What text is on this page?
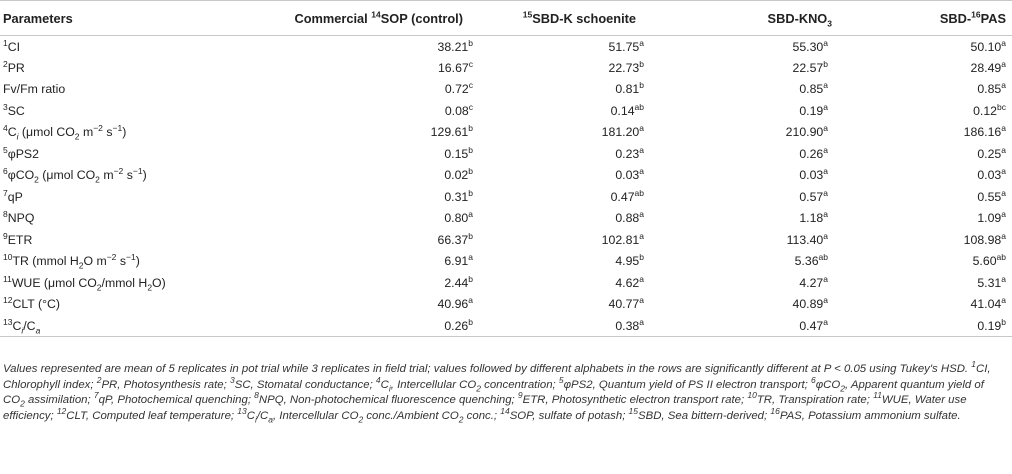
Parameters	Commercial $^{14}$SOP (control)	$^{15}$SBD-K schoenite	SBD-$KNO_3$	SBD-$^{16}$PAS
$^1$CI	38.21$^b$	51.75$^a$	55.30$^a$	50.10$^a$
$^2$PR	16.67$^c$	22.73$^b$	22.57$^b$	28.49$^a$
Fv/Fm ratio	0.72$^c$	0.81$^b$	0.85$^a$	0.85$^a$
$^3$SC	0.08$^c$	0.14$^{ab}$	0.19$^a$	0.12$^{bc}$
$^4C_i$ (μmol $CO_2$ $m^{-2}$ $s^{-1}$)	129.61$^b$	181.20$^a$	210.90$^a$	186.16$^a$
$^5$φPS2	0.15$^b$	0.23$^a$	0.26$^a$	0.25$^a$
$^6$φCO$_2$ (μmol $CO_2$ $m^{-2}$ $s^{-1}$)	0.02$^b$	0.03$^a$	0.03$^a$	0.03$^a$
$^7$qP	0.31$^b$	0.47$^{ab}$	0.57$^a$	0.55$^a$
$^8$NPQ	0.80$^a$	0.88$^a$	1.18$^a$	1.09$^a$
$^9$ETR	66.37$^b$	102.81$^a$	113.40$^a$	108.98$^a$
$^{10}$TR (mmol $H_2O$ $m^{-2}$ $s^{-1}$)	6.91$^a$	4.95$^b$	5.36$^{ab}$	5.60$^{ab}$
$^{11}$WUE (μmol $CO_2$/mmol $H_2O$)	2.44$^b$	4.62$^a$	4.27$^a$	5.31$^a$
$^{12}$CLT (°C)	40.96$^a$	40.77$^a$	40.89$^a$	41.04$^a$
$^{13}C_i/C_a$	0.26$^b$	0.38$^a$	0.47$^a$	0.19$^b$
Values represented are mean of 5 replicates in pot trial while 3 replicates in field trial; values followed by different alphabets in the rows are significantly different at P < 0.05 using Tukey's HSD. $^1$CI, Chlorophyll index; $^2$PR, Photosynthesis rate; $^3$SC, Stomatal conductance; $^4C_i$, Intercellular $CO_2$ concentration; $^5$φPS2, Quantum yield of PS II electron transport; $^6$φCO$_2$, Apparent quantum yield of $CO_2$ assimilation; $^7$qP, Photochemical quenching; $^8$NPQ, Non-photochemical fluorescence quenching; $^9$ETR, Photosynthetic electron transport rate; $^{10}$TR, Transpiration rate; $^{11}$WUE, Water use efficiency; $^{12}$CLT, Computed leaf temperature; $^{13}C_i/C_a$, Intercellular $CO_2$ conc./Ambient $CO_2$ conc.; $^{14}$SOP, sulfate of potash; $^{15}$SBD, Sea bittern-derived; $^{16}$PAS, Potassium ammonium sulfate.
